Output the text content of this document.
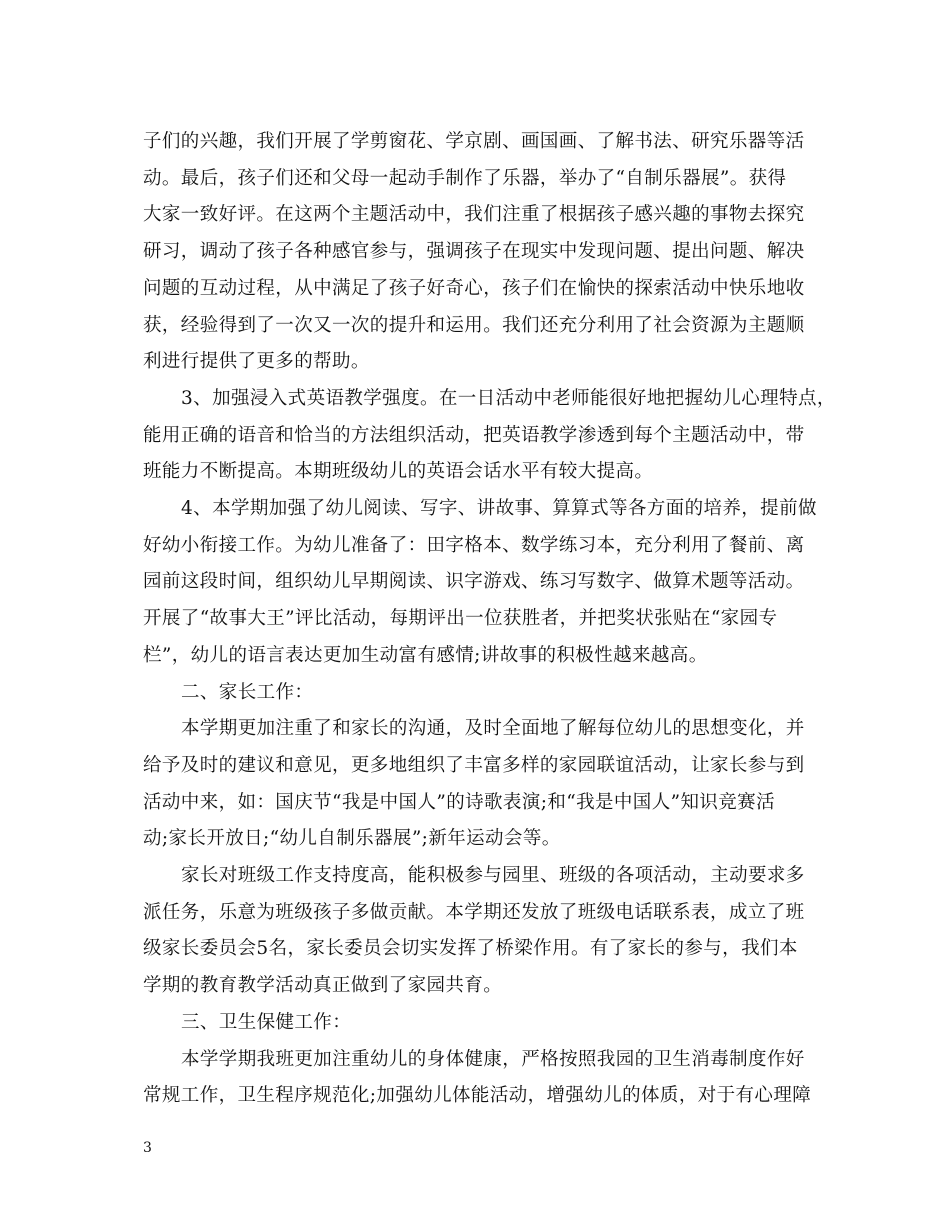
子们的兴趣，我们开展了学剪窗花、学京剧、画国画、了解书法、研究乐器等活
动。最后，孩子们还和父母一起动手制作了乐器，举办了“自制乐器展”。获得
大家一致好评。在这两个主题活动中，我们注重了根据孩子感兴趣的事物去探究
研习，调动了孩子各种感官参与，强调孩子在现实中发现问题、提出问题、解决
问题的互动过程，从中满足了孩子好奇心，孩子们在愉快的探索活动中快乐地收
获，经验得到了一次又一次的提升和运用。我们还充分利用了社会资源为主题顺
利进行提供了更多的帮助。
3、加强浸入式英语教学强度。在一日活动中老师能很好地把握幼儿心理特点，
能用正确的语音和恰当的方法组织活动，把英语教学渗透到每个主题活动中，带
班能力不断提高。本期班级幼儿的英语会话水平有较大提高。
4、本学期加强了幼儿阅读、写字、讲故事、算算式等各方面的培养，提前做
好幼小衔接工作。为幼儿准备了：田字格本、数学练习本，充分利用了餐前、离
园前这段时间，组织幼儿早期阅读、识字游戏、练习写数字、做算术题等活动。
开展了“故事大王”评比活动，每期评出一位获胜者，并把奖状张贴在“家园专
栏”，幼儿的语言表达更加生动富有感情;讲故事的积极性越来越高。
二、家长工作：
本学期更加注重了和家长的沟通，及时全面地了解每位幼儿的思想变化，并
给予及时的建议和意见，更多地组织了丰富多样的家园联谊活动，让家长参与到
活动中来，如：国庆节“我是中国人”的诗歌表演;和“我是中国人”知识竞赛活
动;家长开放日;“幼儿自制乐器展”;新年运动会等。
家长对班级工作支持度高，能积极参与园里、班级的各项活动，主动要求多
派任务，乐意为班级孩子多做贡献。本学期还发放了班级电话联系表，成立了班
级家长委员会5名，家长委员会切实发挥了桥梁作用。有了家长的参与，我们本
学期的教育教学活动真正做到了家园共育。
三、卫生保健工作：
本学学期我班更加注重幼儿的身体健康，严格按照我园的卫生消毒制度作好
常规工作，卫生程序规范化;加强幼儿体能活动，增强幼儿的体质，对于有心理障

3
